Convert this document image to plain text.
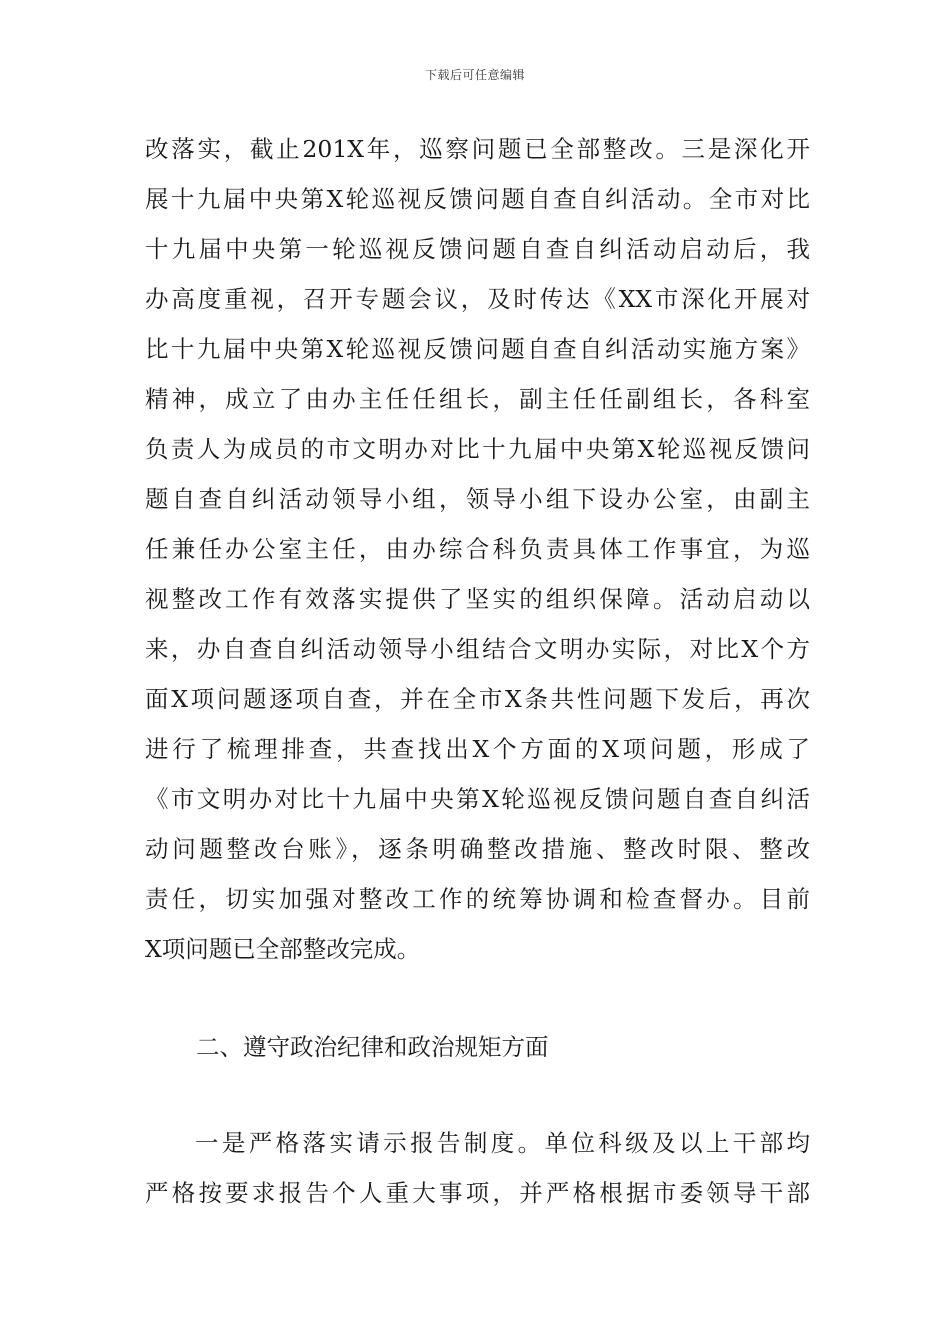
下载后可任意编辑
改落实，截止201X年，巡察问题已全部整改。三是深化开
展十九届中央第X轮巡视反馈问题自查自纠活动。全市对比
十九届中央第一轮巡视反馈问题自查自纠活动启动后，我
办高度重视，召开专题会议，及时传达《XX市深化开展对
比十九届中央第X轮巡视反馈问题自查自纠活动实施方案》
精神，成立了由办主任任组长，副主任任副组长，各科室
负责人为成员的市文明办对比十九届中央第X轮巡视反馈问
题自查自纠活动领导小组，领导小组下设办公室，由副主
任兼任办公室主任，由办综合科负责具体工作事宜，为巡
视整改工作有效落实提供了坚实的组织保障。活动启动以
来，办自查自纠活动领导小组结合文明办实际，对比X个方
面X项问题逐项自查，并在全市X条共性问题下发后，再次
进行了梳理排查，共查找出X个方面的X项问题，形成了
《市文明办对比十九届中央第X轮巡视反馈问题自查自纠活
动问题整改台账》，逐条明确整改措施、整改时限、整改
责任，切实加强对整改工作的统筹协调和检查督办。目前
X项问题已全部整改完成。
二、遵守政治纪律和政治规矩方面
一是严格落实请示报告制度。单位科级及以上干部均
严格按要求报告个人重大事项，并严格根据市委领导干部
